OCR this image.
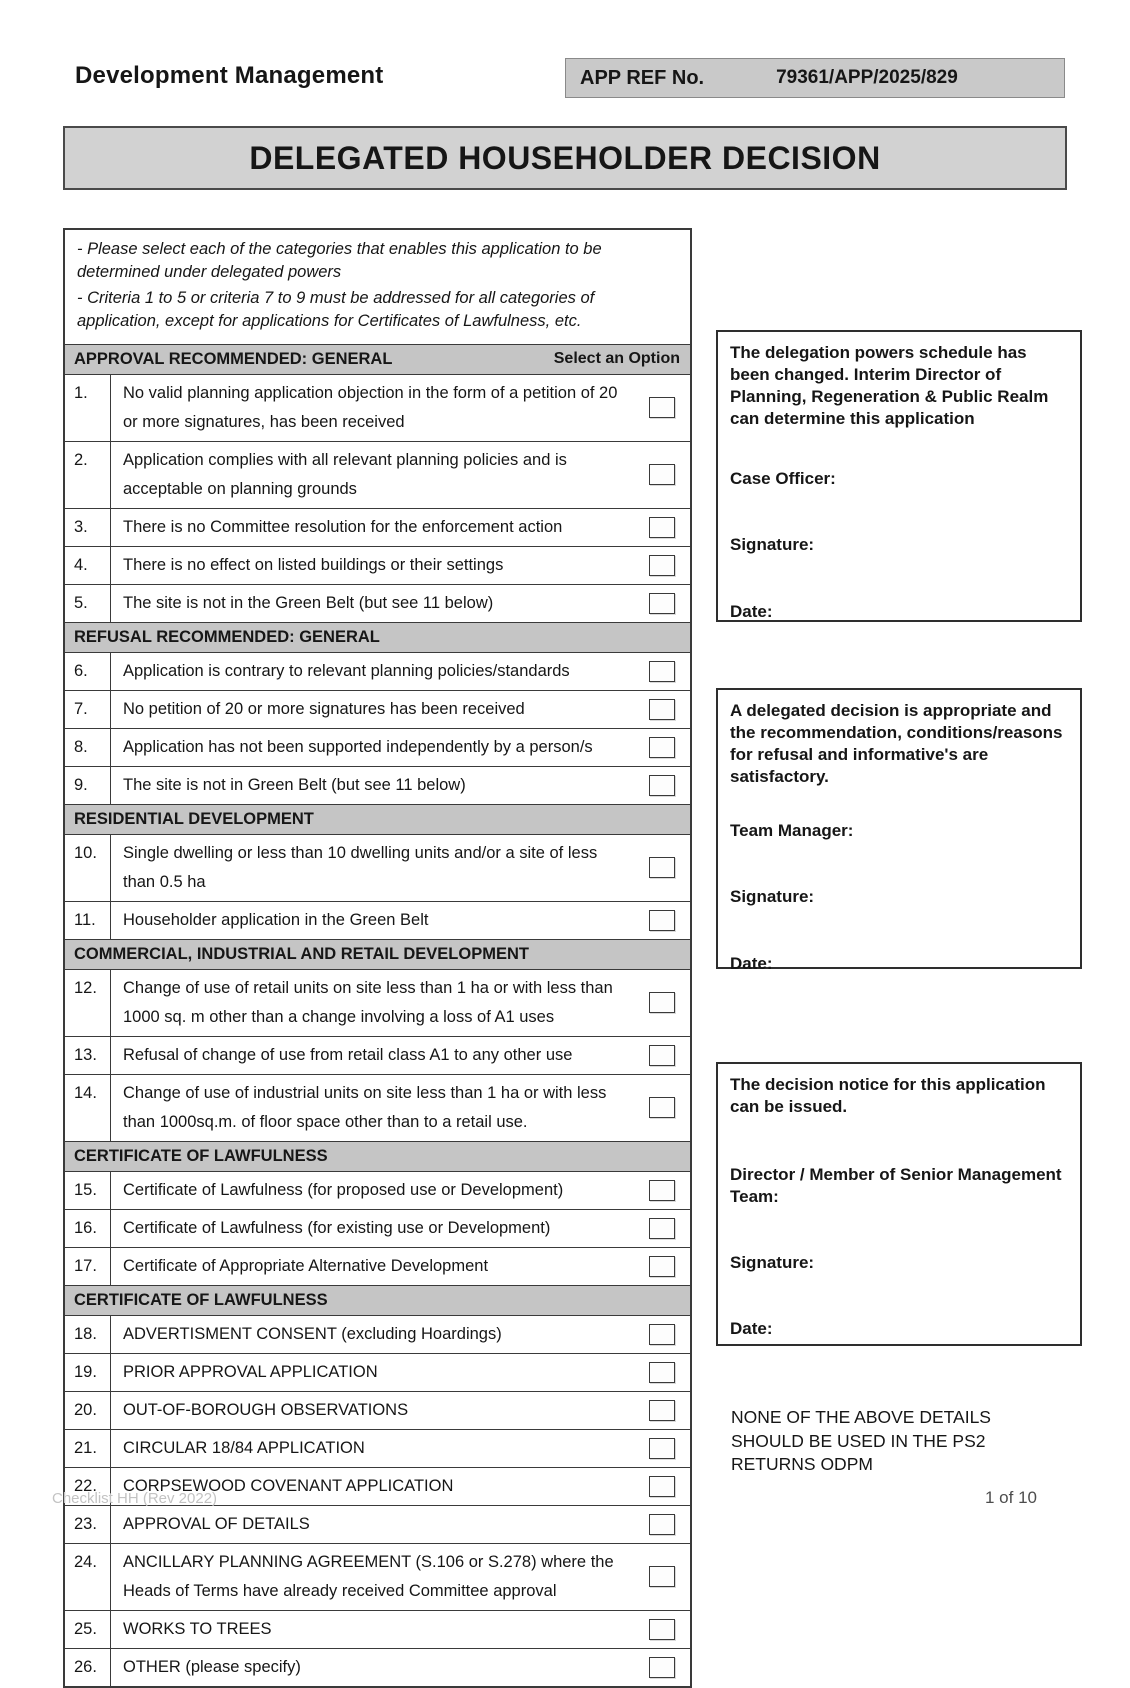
Development Management	APP REF No.	79361/APP/2025/829
DELEGATED HOUSEHOLDER DECISION

- Please select each of the categories that enables this application to be determined under delegated powers

- Criteria 1 to 5 or criteria 7 to 9 must be addressed for all categories of application, except for applications for Certificates of Lawfulness, etc.

APPROVAL RECOMMENDED: GENERAL	Select an Option
1.	No valid planning application objection in the form of a petition of 20 or more signatures, has been received
2.	Application complies with all relevant planning policies and is acceptable on planning grounds
3.	There is no Committee resolution for the enforcement action
4.	There is no effect on listed buildings or their settings
5.	The site is not in the Green Belt (but see 11 below)
REFUSAL RECOMMENDED: GENERAL
6.	Application is contrary to relevant planning policies/standards
7.	No petition of 20 or more signatures has been received
8.	Application has not been supported independently by a person/s
9.	The site is not in Green Belt (but see 11 below)
RESIDENTIAL DEVELOPMENT
10.	Single dwelling or less than 10 dwelling units and/or a site of less than 0.5 ha
11.	Householder application in the Green Belt
COMMERCIAL, INDUSTRIAL AND RETAIL DEVELOPMENT
12.	Change of use of retail units on site less than 1 ha or with less than 1000 sq. m other than a change involving a loss of A1 uses
13.	Refusal of change of use from retail class A1 to any other use
14.	Change of use of industrial units on site less than 1 ha or with less than 1000sq.m. of floor space other than to a retail use.
CERTIFICATE OF LAWFULNESS
15.	Certificate of Lawfulness (for proposed use or Development)
16.	Certificate of Lawfulness (for existing use or Development)
17.	Certificate of Appropriate Alternative Development
CERTIFICATE OF LAWFULNESS
18.	ADVERTISMENT CONSENT (excluding Hoardings)
19.	PRIOR APPROVAL APPLICATION
20.	OUT-OF-BOROUGH OBSERVATIONS
21.	CIRCULAR 18/84 APPLICATION
22.	CORPSEWOOD COVENANT APPLICATION
23.	APPROVAL OF DETAILS
24.	ANCILLARY PLANNING AGREEMENT (S.106 or S.278) where the Heads of Terms have already received Committee approval
25.	WORKS TO TREES
26.	OTHER (please specify)

The delegation powers schedule has been changed. Interim Director of Planning, Regeneration & Public Realm can determine this application

Case Officer:
Signature:
Date:

A delegated decision is appropriate and the recommendation, conditions/reasons for refusal and informative's are satisfactory.

Team Manager:
Signature:
Date:

The decision notice for this application can be issued.

Director / Member of Senior Management Team:
Signature:
Date:
NONE OF THE ABOVE DETAILS SHOULD BE USED IN THE PS2 RETURNS ODPM
Checklist HH (Rev 2022)	1 of 10
